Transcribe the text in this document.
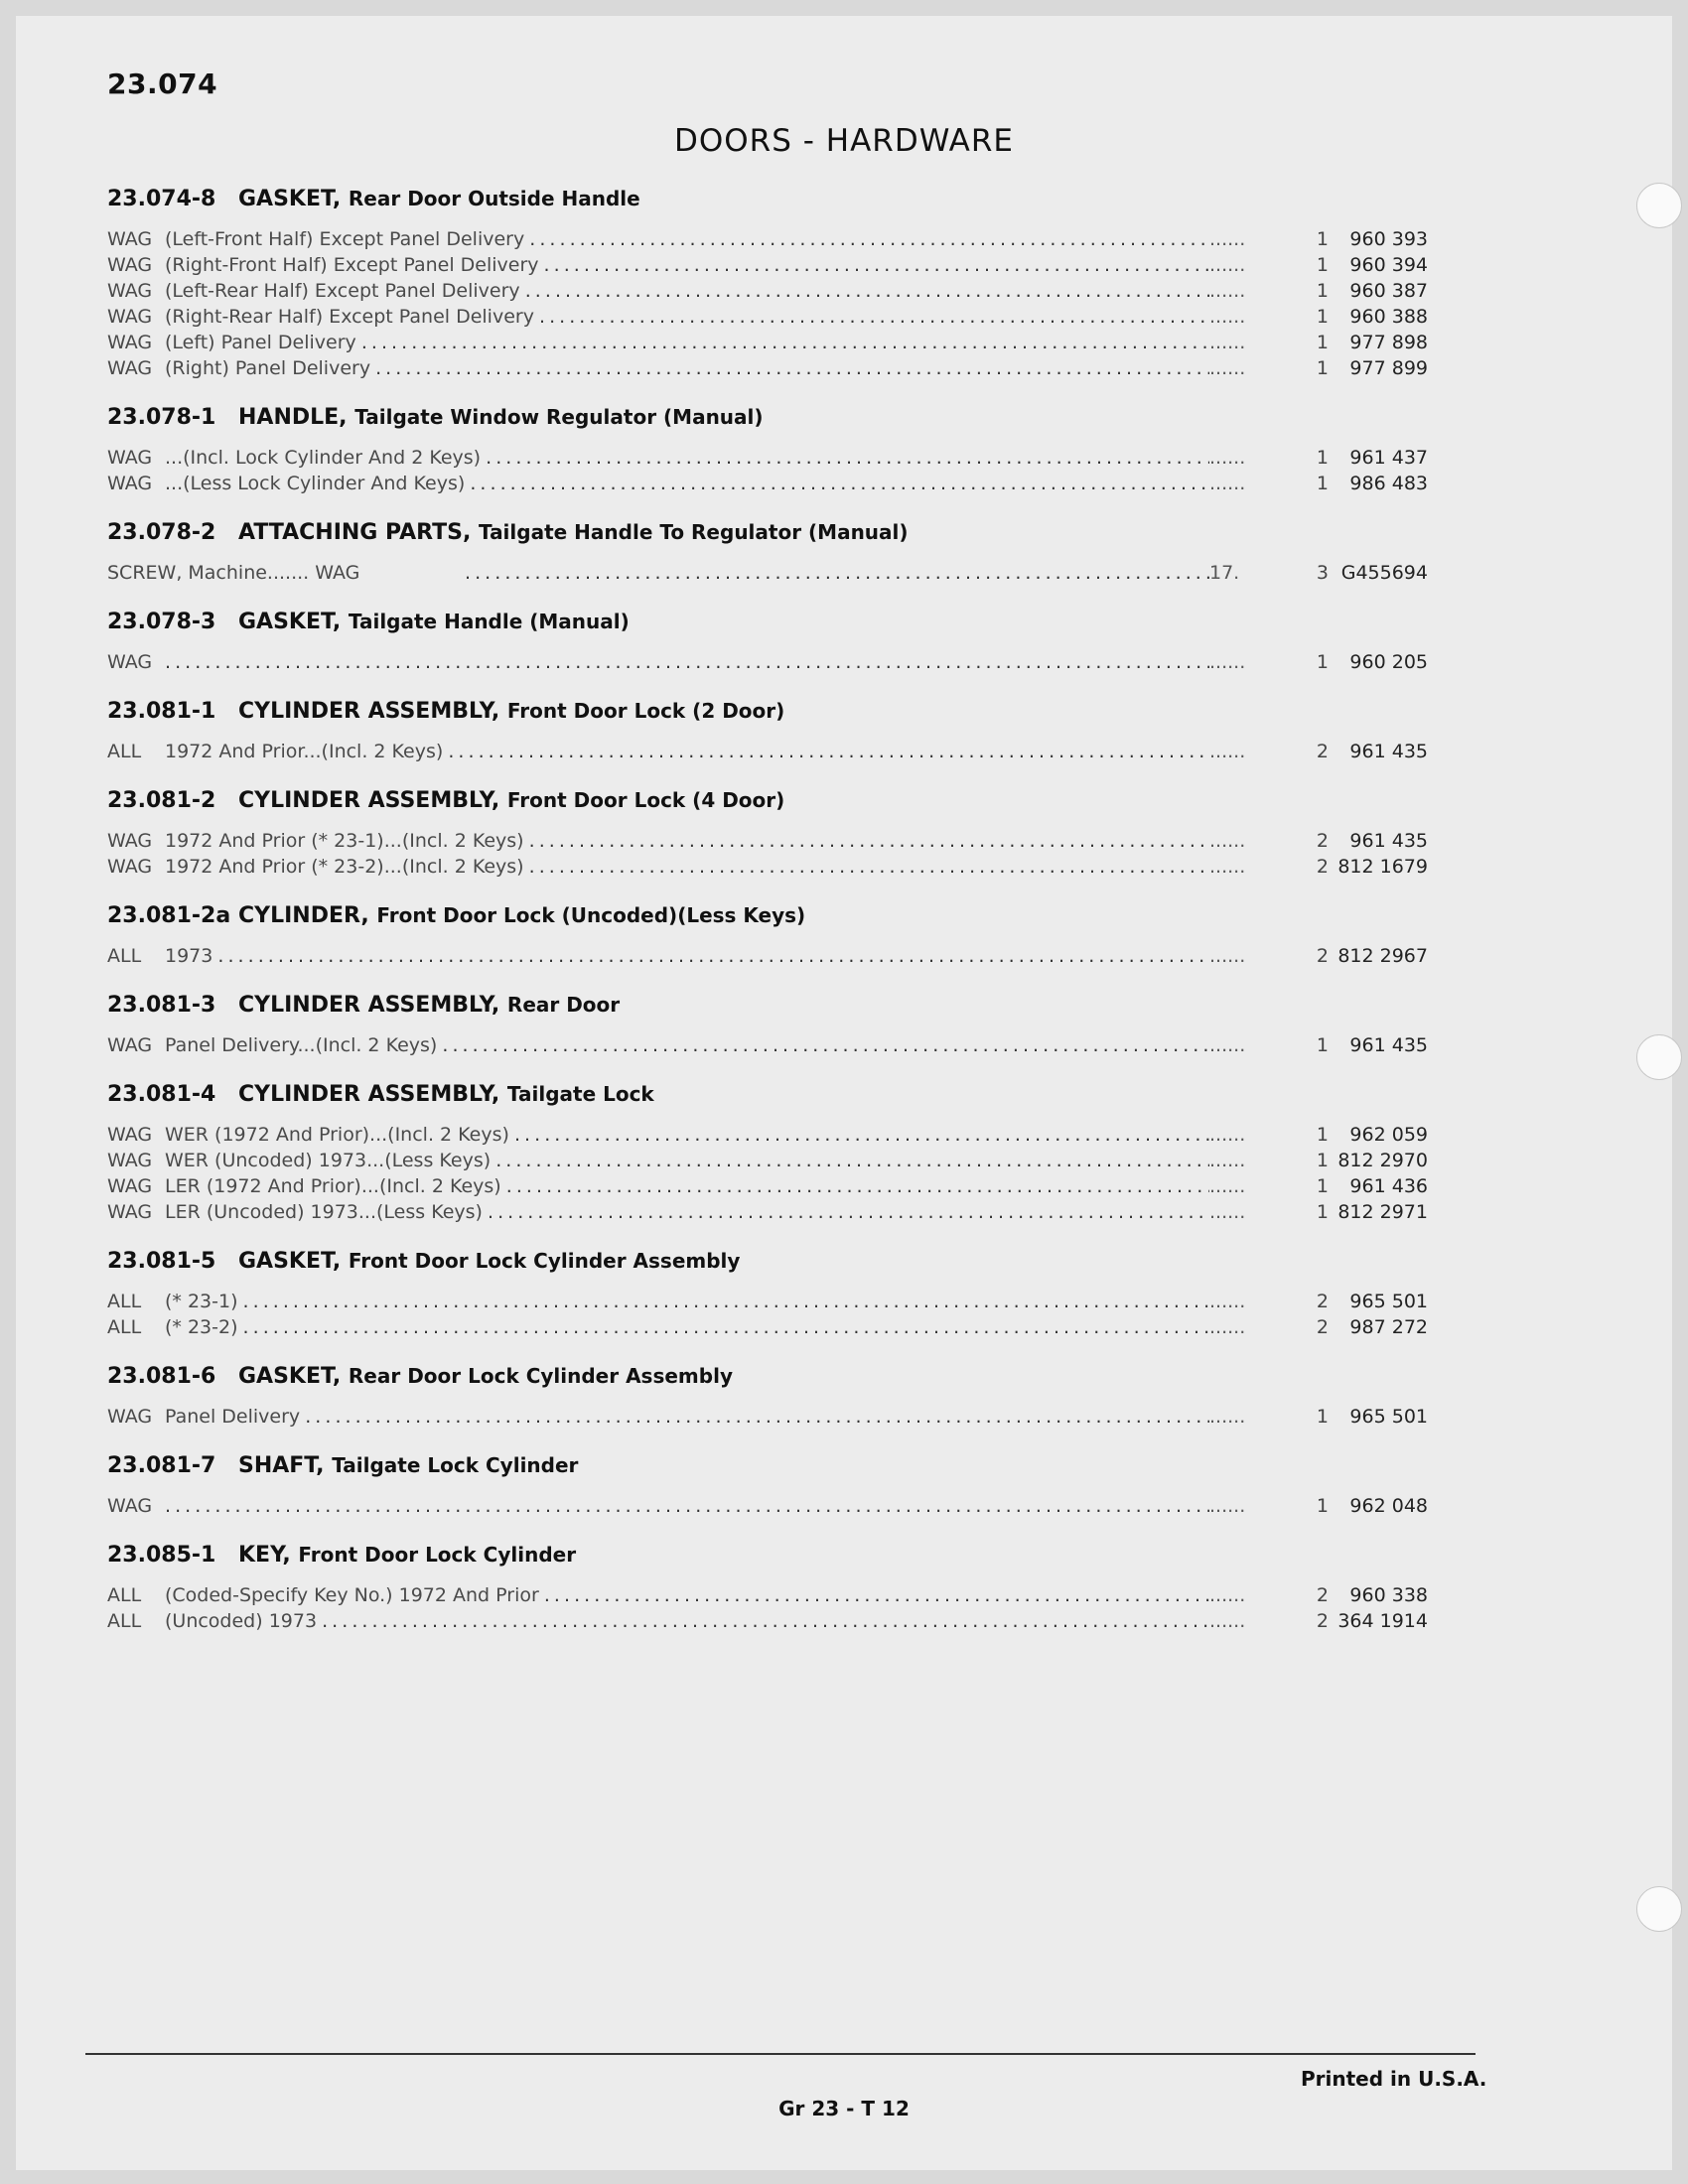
23.074
DOORS - HARDWARE
23.074-8	GASKET, Rear Door Outside Handle
WAG (Left-Front Half) Except Panel Delivery . . .	......	1	960 393
WAG (Right-Front Half) Except Panel Delivery . . .	......	1	960 394
WAG (Left-Rear Half) Except Panel Delivery . . .	......	1	960 387
WAG (Right-Rear Half) Except Panel Delivery . . .	......	1	960 388
WAG (Left) Panel Delivery . . .	......	1	977 898
WAG (Right) Panel Delivery . . .	......	1	977 899
23.078-1	HANDLE, Tailgate Window Regulator (Manual)
WAG ...(Incl. Lock Cylinder And 2 Keys) . . .	......	1	961 437
WAG ...(Less Lock Cylinder And Keys) . . .	......	1	986 483
23.078-2	ATTACHING PARTS, Tailgate Handle To Regulator (Manual)
SCREW, Machine....... WAG . . .	17.	3 G455694
23.078-3	GASKET, Tailgate Handle (Manual)
WAG . . .	......	1	960 205
23.081-1	CYLINDER ASSEMBLY, Front Door Lock (2 Door)
ALL	1972 And Prior...(Incl. 2 Keys) . . .	......	2	961 435
23.081-2	CYLINDER ASSEMBLY, Front Door Lock (4 Door)
WAG 1972 And Prior (* 23-1)...(Incl. 2 Keys) . . .	......	2	961 435
WAG 1972 And Prior (* 23-2)...(Incl. 2 Keys) . . .	......	2 812 1679
23.081-2a CYLINDER, Front Door Lock (Uncoded)(Less Keys)
ALL	1973 . . .	......	2 812 2967
23.081-3	CYLINDER ASSEMBLY, Rear Door
WAG Panel Delivery...(Incl. 2 Keys) . . .	......	1	961 435
23.081-4	CYLINDER ASSEMBLY, Tailgate Lock
WAG WER (1972 And Prior)...(Incl. 2 Keys) . . .	......	1	962 059
WAG WER (Uncoded) 1973...(Less Keys) . . .	......	1 812 2970
WAG LER (1972 And Prior)...(Incl. 2 Keys) . . .	......	1	961 436
WAG LER (Uncoded) 1973...(Less Keys) . . .	......	1 812 2971
23.081-5	GASKET, Front Door Lock Cylinder Assembly
ALL	(* 23-1) . . .	......	2	965 501
ALL	(* 23-2) . . .	......	2	987 272
23.081-6	GASKET, Rear Door Lock Cylinder Assembly
WAG Panel Delivery . . .	......	1	965 501
23.081-7	SHAFT, Tailgate Lock Cylinder
WAG . . .	......	1	962 048
23.085-1	KEY, Front Door Lock Cylinder
ALL	(Coded-Specify Key No.) 1972 And Prior . . .	......	2	960 338
ALL	(Uncoded) 1973 . . .	......	2 364 1914
Printed in U.S.A.
Gr 23 - T 12
